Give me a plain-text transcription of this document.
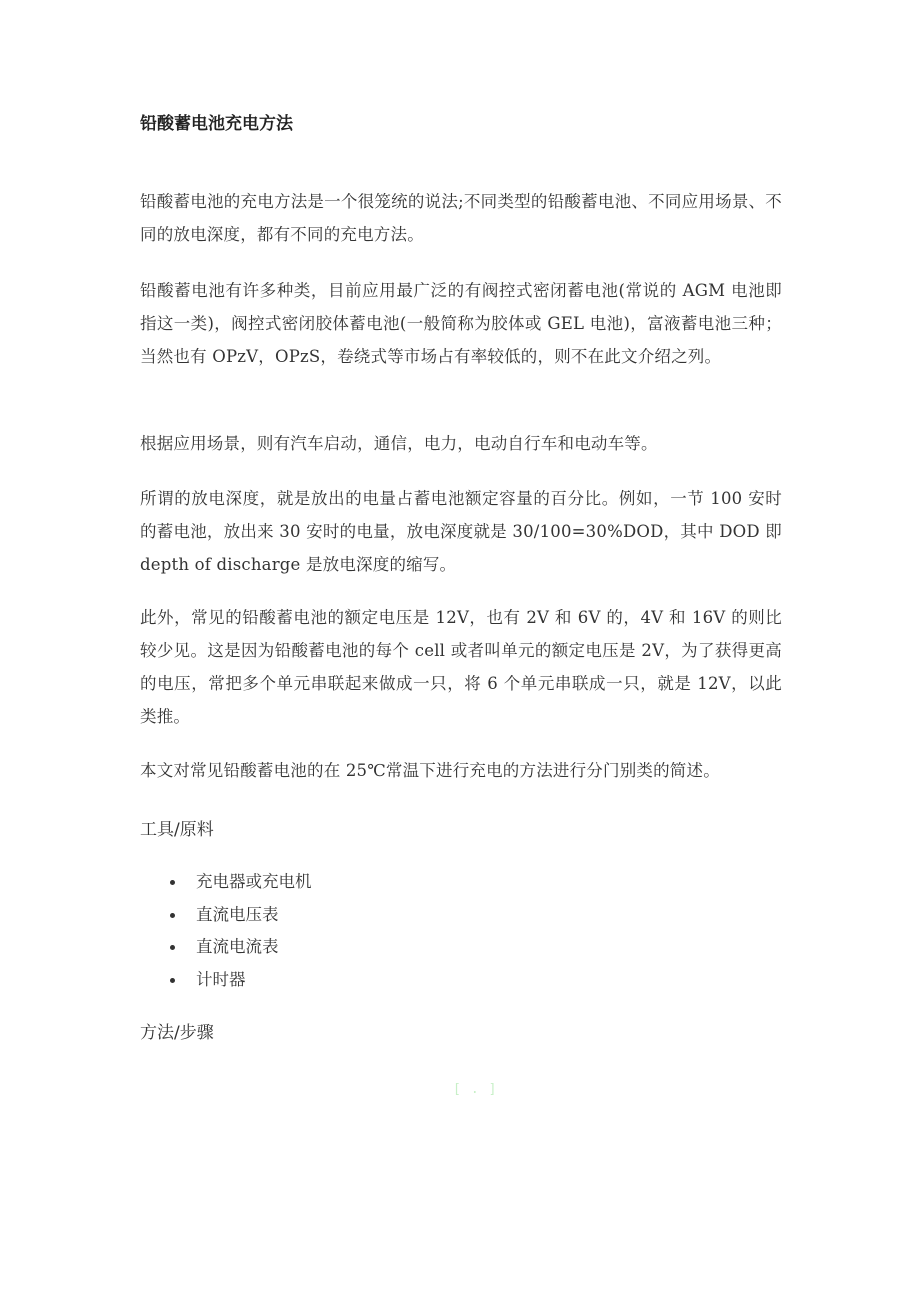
铅酸蓄电池充电方法

铅酸蓄电池的充电方法是一个很笼统的说法;不同类型的铅酸蓄电池、不同应用场景、不同的放电深度，都有不同的充电方法。

铅酸蓄电池有许多种类，目前应用最广泛的有阀控式密闭蓄电池(常说的 AGM 电池即指这一类)，阀控式密闭胶体蓄电池(一般简称为胶体或 GEL 电池)，富液蓄电池三种；当然也有 OPzV，OPzS，卷绕式等市场占有率较低的，则不在此文介绍之列。

根据应用场景，则有汽车启动，通信，电力，电动自行车和电动车等。

所谓的放电深度，就是放出的电量占蓄电池额定容量的百分比。例如，一节 100 安时的蓄电池，放出来 30 安时的电量，放电深度就是 30/100=30%DOD，其中 DOD 即 depth of discharge 是放电深度的缩写。

此外，常见的铅酸蓄电池的额定电压是 12V，也有 2V 和 6V 的，4V 和 16V 的则比较少见。这是因为铅酸蓄电池的每个 cell 或者叫单元的额定电压是 2V，为了获得更高的电压，常把多个单元串联起来做成一只，将 6 个单元串联成一只，就是 12V，以此类推。

本文对常见铅酸蓄电池的在 25℃常温下进行充电的方法进行分门别类的简述。

工具/原料
充电器或充电机
直流电压表
直流电流表
计时器
方法/步骤
[.]
